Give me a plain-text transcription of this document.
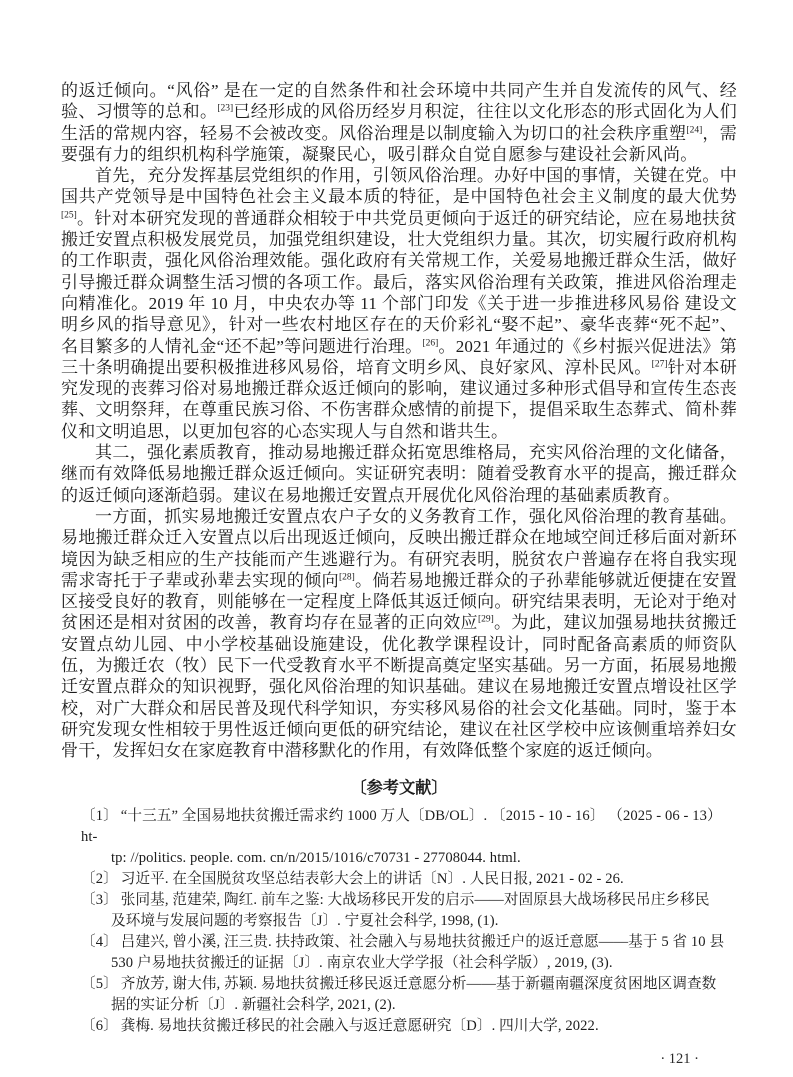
的返迁倾向。“风俗” 是在一定的自然条件和社会环境中共同产生并自发流传的风气、经验、习惯等的总和。[23]已经形成的风俗历经岁月积淀，往往以文化形态的形式固化为人们生活的常规内容，轻易不会被改变。风俗治理是以制度输入为切口的社会秩序重塑[24]，需要强有力的组织机构科学施策，凝聚民心，吸引群众自觉自愿参与建设社会新风尚。

首先，充分发挥基层党组织的作用，引领风俗治理。办好中国的事情，关键在党。中国共产党领导是中国特色社会主义最本质的特征，是中国特色社会主义制度的最大优势[25]。针对本研究发现的普通群众相较于中共党员更倾向于返迁的研究结论，应在易地扶贫搬迁安置点积极发展党员，加强党组织建设，壮大党组织力量。其次，切实履行政府机构的工作职责，强化风俗治理效能。强化政府有关常规工作，关爱易地搬迁群众生活，做好引导搬迁群众调整生活习惯的各项工作。最后，落实风俗治理有关政策，推进风俗治理走向精准化。2019 年 10 月，中央农办等 11 个部门印发《关于进一步推进移风易俗 建设文明乡风的指导意见》，针对一些农村地区存在的天价彩礼“娶不起”、豪华丧葬“死不起”、名目繁多的人情礼金“还不起”等问题进行治理。[26]。2021 年通过的《乡村振兴促进法》第三十条明确提出要积极推进移风易俗，培育文明乡风、良好家风、淳朴民风。[27]针对本研究发现的丧葬习俗对易地搬迁群众返迁倾向的影响，建议通过多种形式倡导和宣传生态丧葬、文明祭拜，在尊重民族习俗、不伤害群众感情的前提下，提倡采取生态葬式、简朴葬仪和文明追思，以更加包容的心态实现人与自然和谐共生。

其二，强化素质教育，推动易地搬迁群众拓宽思维格局，充实风俗治理的文化储备，继而有效降低易地搬迁群众返迁倾向。实证研究表明：随着受教育水平的提高，搬迁群众的返迁倾向逐渐趋弱。建议在易地搬迁安置点开展优化风俗治理的基础素质教育。

一方面，抓实易地搬迁安置点农户子女的义务教育工作，强化风俗治理的教育基础。易地搬迁群众迁入安置点以后出现返迁倾向，反映出搬迁群众在地域空间迁移后面对新环境因为缺乏相应的生产技能而产生逃避行为。有研究表明，脱贫农户普遍存在将自我实现需求寄托于子辈或孙辈去实现的倾向[28]。倘若易地搬迁群众的子孙辈能够就近便捷在安置区接受良好的教育，则能够在一定程度上降低其返迁倾向。研究结果表明，无论对于绝对贫困还是相对贫困的改善，教育均存在显著的正向效应[29]。为此，建议加强易地扶贫搬迁安置点幼儿园、中小学校基础设施建设，优化教学课程设计，同时配备高素质的师资队伍，为搬迁农（牧）民下一代受教育水平不断提高奠定坚实基础。另一方面，拓展易地搬迁安置点群众的知识视野，强化风俗治理的知识基础。建议在易地搬迁安置点增设社区学校，对广大群众和居民普及现代科学知识，夯实移风易俗的社会文化基础。同时，鉴于本研究发现女性相较于男性返迁倾向更低的研究结论，建议在社区学校中应该侧重培养妇女骨干，发挥妇女在家庭教育中潜移默化的作用，有效降低整个家庭的返迁倾向。

〔参考文献〕
〔1〕 “十三五” 全国易地扶贫搬迁需求约 1000 万人〔DB/OL〕. 〔2015 - 10 - 16〕 （2025 - 06 - 13） ht-
tp: //politics. people. com. cn/n/2015/1016/c70731 - 27708044. html.
〔2〕 习近平. 在全国脱贫攻坚总结表彰大会上的讲话〔N〕. 人民日报, 2021 - 02 - 26.
〔3〕 张同基, 范建荣, 陶红. 前车之鉴: 大战场移民开发的启示——对固原县大战场移民吊庄乡移民
及环境与发展问题的考察报告〔J〕. 宁夏社会科学, 1998, (1).
〔4〕 吕建兴, 曾小溪, 汪三贵. 扶持政策、社会融入与易地扶贫搬迁户的返迁意愿——基于 5 省 10 县
530 户易地扶贫搬迁的证据〔J〕. 南京农业大学学报（社会科学版）, 2019, (3).
〔5〕 齐放芳, 谢大伟, 苏颖. 易地扶贫搬迁移民返迁意愿分析——基于新疆南疆深度贫困地区调查数
据的实证分析〔J〕. 新疆社会科学, 2021, (2).
〔6〕 龚梅. 易地扶贫搬迁移民的社会融入与返迁意愿研究〔D〕. 四川大学, 2022.
· 121 ·
